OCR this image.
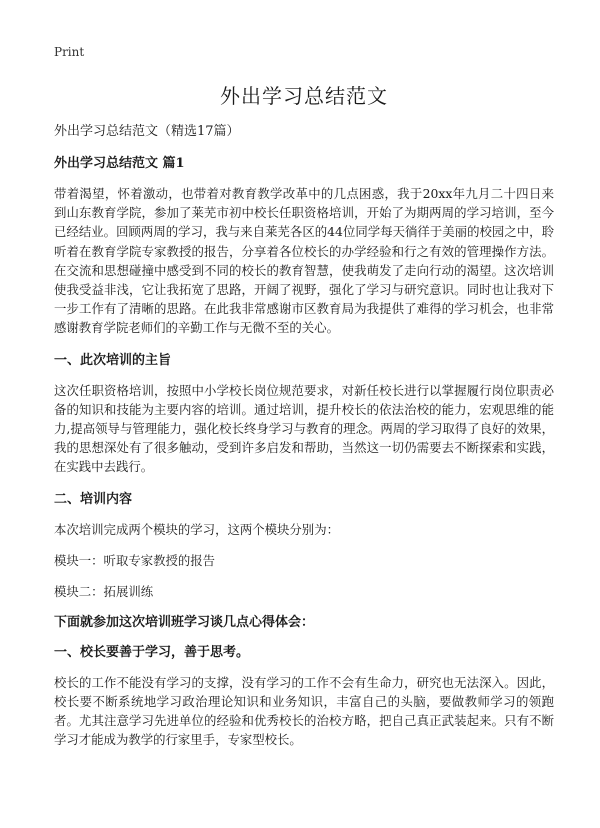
Print
外出学习总结范文
外出学习总结范文（精选17篇）
外出学习总结范文 篇1

带着渴望，怀着激动，也带着对教育教学改革中的几点困惑，我于20xx年九月二十四日来到山东教育学院，参加了莱芜市初中校长任职资格培训，开始了为期两周的学习培训，至今已经结业。回顾两周的学习，我与来自莱芜各区的44位同学每天徜徉于美丽的校园之中，聆听着在教育学院专家教授的报告，分享着各位校长的办学经验和行之有效的管理操作方法。在交流和思想碰撞中感受到不同的校长的教育智慧，使我萌发了走向行动的渴望。这次培训使我受益非浅，它让我拓宽了思路，开阔了视野，强化了学习与研究意识。同时也让我对下一步工作有了清晰的思路。在此我非常感谢市区教育局为我提供了难得的学习机会，也非常感谢教育学院老师们的辛勤工作与无微不至的关心。

一、此次培训的主旨

这次任职资格培训，按照中小学校长岗位规范要求，对新任校长进行以掌握履行岗位职责必备的知识和技能为主要内容的培训。通过培训，提升校长的依法治校的能力，宏观思维的能力,提高领导与管理能力，强化校长终身学习与教育的理念。两周的学习取得了良好的效果，我的思想深处有了很多触动，受到许多启发和帮助，当然这一切仍需要去不断探索和实践，在实践中去践行。

二、培训内容
本次培训完成两个模块的学习，这两个模块分别为：
模块一：听取专家教授的报告
模块二：拓展训练
下面就参加这次培训班学习谈几点心得体会：
一、校长要善于学习，善于思考。

校长的工作不能没有学习的支撑，没有学习的工作不会有生命力，研究也无法深入。因此，校长要不断系统地学习政治理论知识和业务知识，丰富自己的头脑，要做教师学习的领跑者。尤其注意学习先进单位的经验和优秀校长的治校方略，把自己真正武装起来。只有不断学习才能成为教学的行家里手，专家型校长。
